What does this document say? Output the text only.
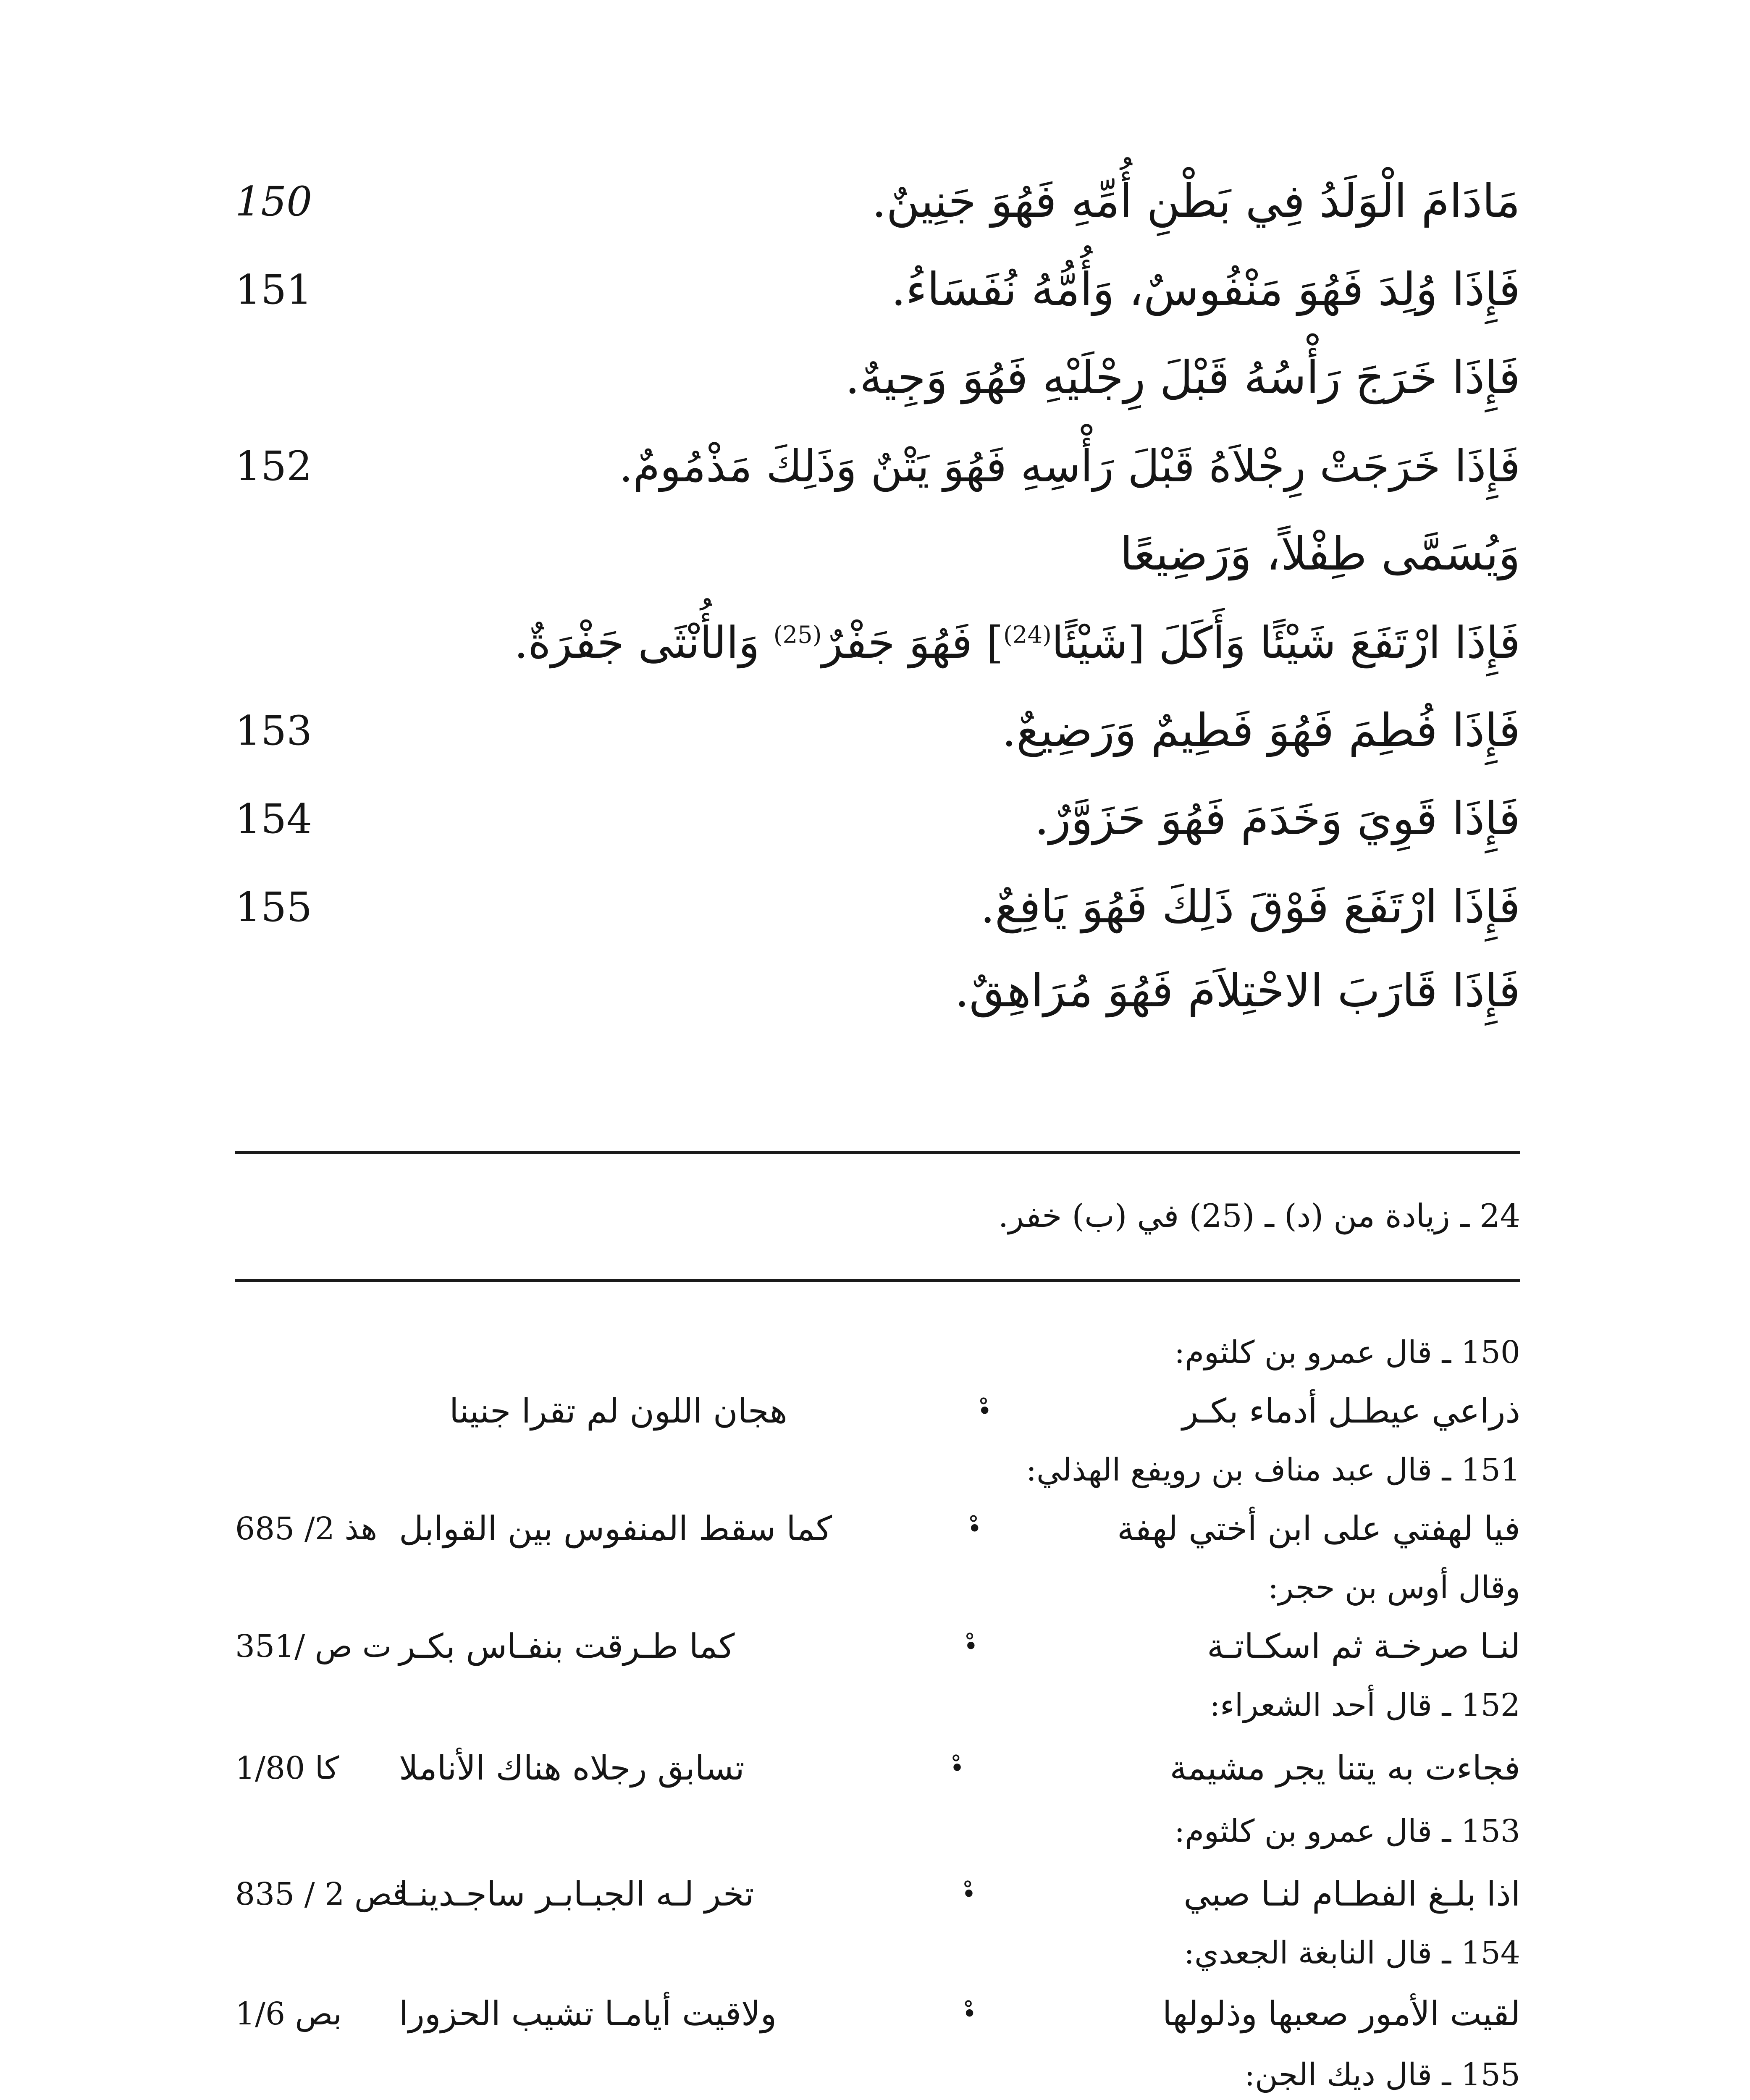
مَادَامَ الْوَلَدُ فِي بَطْنِ أُمِّهِ فَهُوَ جَنِينٌ.
150
فَإِذَا وُلِدَ فَهُوَ مَنْفُوسٌ، وَأُمُّهُ نُفَسَاءُ.
151
فَإِذَا خَرَجَ رَأْسُهُ قَبْلَ رِجْلَيْهِ فَهُوَ وَجِيهٌ.
فَإِذَا خَرَجَتْ رِجْلاَهُ قَبْلَ رَأْسِهِ فَهُوَ يَتْنٌ وَذَلِكَ مَذْمُومٌ.
152
وَيُسَمَّى طِفْلاً، وَرَضِيعًا
فَإِذَا ارْتَفَعَ شَيْئًا وَأَكَلَ [شَيْئًا$^{(24)}$] فَهُوَ جَفْرٌ$^{(25)}$ وَالأُنْثَى جَفْرَةٌ.
فَإِذَا فُطِمَ فَهُوَ فَطِيمٌ وَرَضِيعٌ.
153
فَإِذَا قَوِيَ وَخَدَمَ فَهُوَ حَزَوَّرٌ.
154
فَإِذَا ارْتَفَعَ فَوْقَ ذَلِكَ فَهُوَ يَافِعٌ.
155
فَإِذَا قَارَبَ الاحْتِلاَمَ فَهُوَ مُرَاهِقٌ.
24 ـ زيادة من (د) ـ (25) في (ب) خفر.
150 ـ قال عمرو بن كلثوم:
ذراعي عيطـل أدماء بكـر
•ْ
هجان اللون لم تقرا جنينا
151 ـ قال عبد مناف بن رويفع الهذلي:
فيا لهفتي على ابن أختي لهفة
•ْ
كما سقط المنفوس بين القوابل
هذ 2/ 685
وقال أوس بن حجر:
لنـا صرخـة ثم اسكـاتـة
•ْ
كما طـرقت بنفـاس بكـر
ت ص /351
152 ـ قال أحد الشعراء:
فجاءت به يتنا يجر مشيمة
•ْ
تسابق رجلاه هناك الأناملا
كا 1/80
153 ـ قال عمرو بن كلثوم:
اذا بلـغ الفطـام لنـا صبي
•ْ
تخر لـه الجبـابـر ساجـدينـا
قص 2 / 835
154 ـ قال النابغة الجعدي:
لقيت الأمور صعبها وذلولها
•ْ
ولاقيت أيامـا تشيب الحزورا
بص 1/6
155 ـ قال ديك الجن:
